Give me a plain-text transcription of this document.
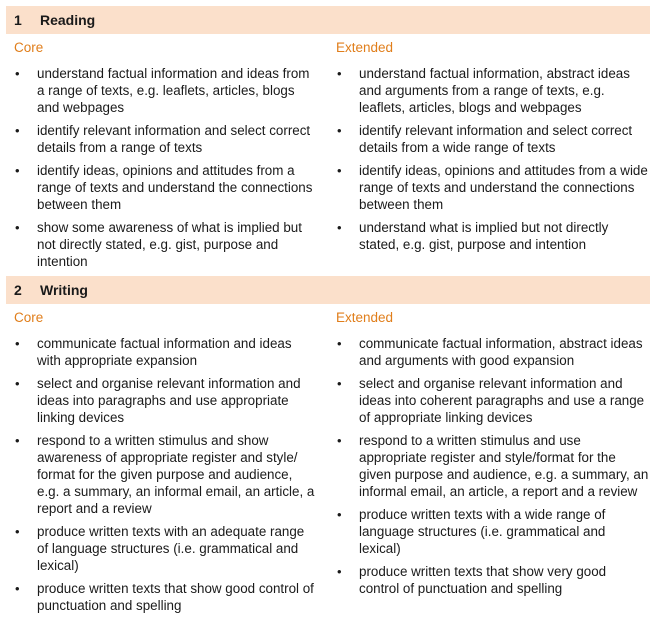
1	Reading
Core
• understand factual information and ideas from a range of texts, e.g. leaflets, articles, blogs and webpages
• identify relevant information and select correct details from a range of texts
• identify ideas, opinions and attitudes from a range of texts and understand the connections between them
• show some awareness of what is implied but not directly stated, e.g. gist, purpose and intention
Extended
• understand factual information, abstract ideas and arguments from a range of texts, e.g. leaflets, articles, blogs and webpages
• identify relevant information and select correct details from a wide range of texts
• identify ideas, opinions and attitudes from a wide range of texts and understand the connections between them
• understand what is implied but not directly stated, e.g. gist, purpose and intention
2	Writing
Core
• communicate factual information and ideas with appropriate expansion
• select and organise relevant information and ideas into paragraphs and use appropriate linking devices
• respond to a written stimulus and show awareness of appropriate register and style/ format for the given purpose and audience, e.g. a summary, an informal email, an article, a report and a review
• produce written texts with an adequate range of language structures (i.e. grammatical and lexical)
• produce written texts that show good control of punctuation and spelling
Extended
• communicate factual information, abstract ideas and arguments with good expansion
• select and organise relevant information and ideas into coherent paragraphs and use a range of appropriate linking devices
• respond to a written stimulus and use appropriate register and style/format for the given purpose and audience, e.g. a summary, an informal email, an article, a report and a review
• produce written texts with a wide range of language structures (i.e. grammatical and lexical)
• produce written texts that show very good control of punctuation and spelling
